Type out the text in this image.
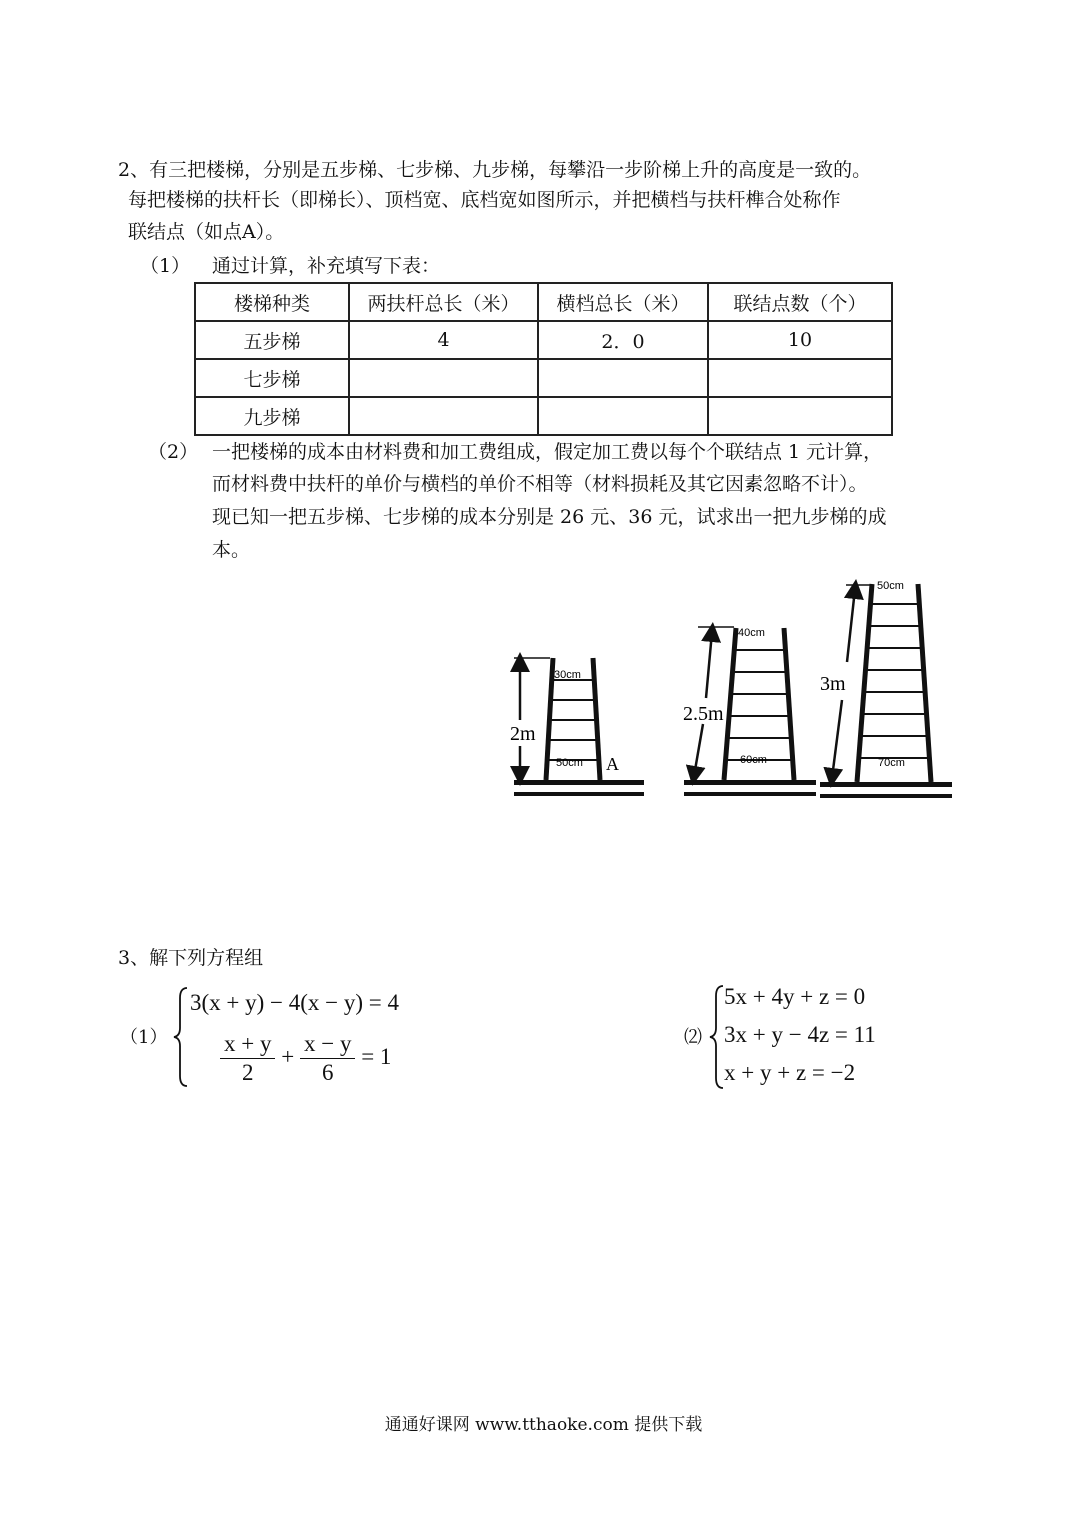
2、有三把楼梯，分别是五步梯、七步梯、九步梯，每攀沿一步阶梯上升的高度是一致的。
每把楼梯的扶杆长（即梯长）、顶档宽、底档宽如图所示，并把横档与扶杆榫合处称作
联结点（如点A）。
（1） 通过计算，补充填写下表：
楼梯种类	两扶杆总长（米）	横档总长（米）	联结点数（个）
五步梯	4	2．0	10
七步梯			
九步梯			
（2） 一把楼梯的成本由材料费和加工费组成，假定加工费以每个个联结点 1 元计算，
而材料费中扶杆的单价与横档的单价不相等（材料损耗及其它因素忽略不计）。
现已知一把五步梯、七步梯的成本分别是 26 元、36 元，试求出一把九步梯的成
本。
2m
30cm
50cm A
2.5m
40cm
60cm
3m
50cm
70cm
3、解下列方程组
（1）
3(x + y) − 4(x − y) = 4
$\frac{x + y}{2} + \frac{x - y}{6} = 1$
⑵
5x + 4y + z = 0
3x + y − 4z = 11
x + y + z = −2
通通好课网 www.tthaoke.com 提供下载
